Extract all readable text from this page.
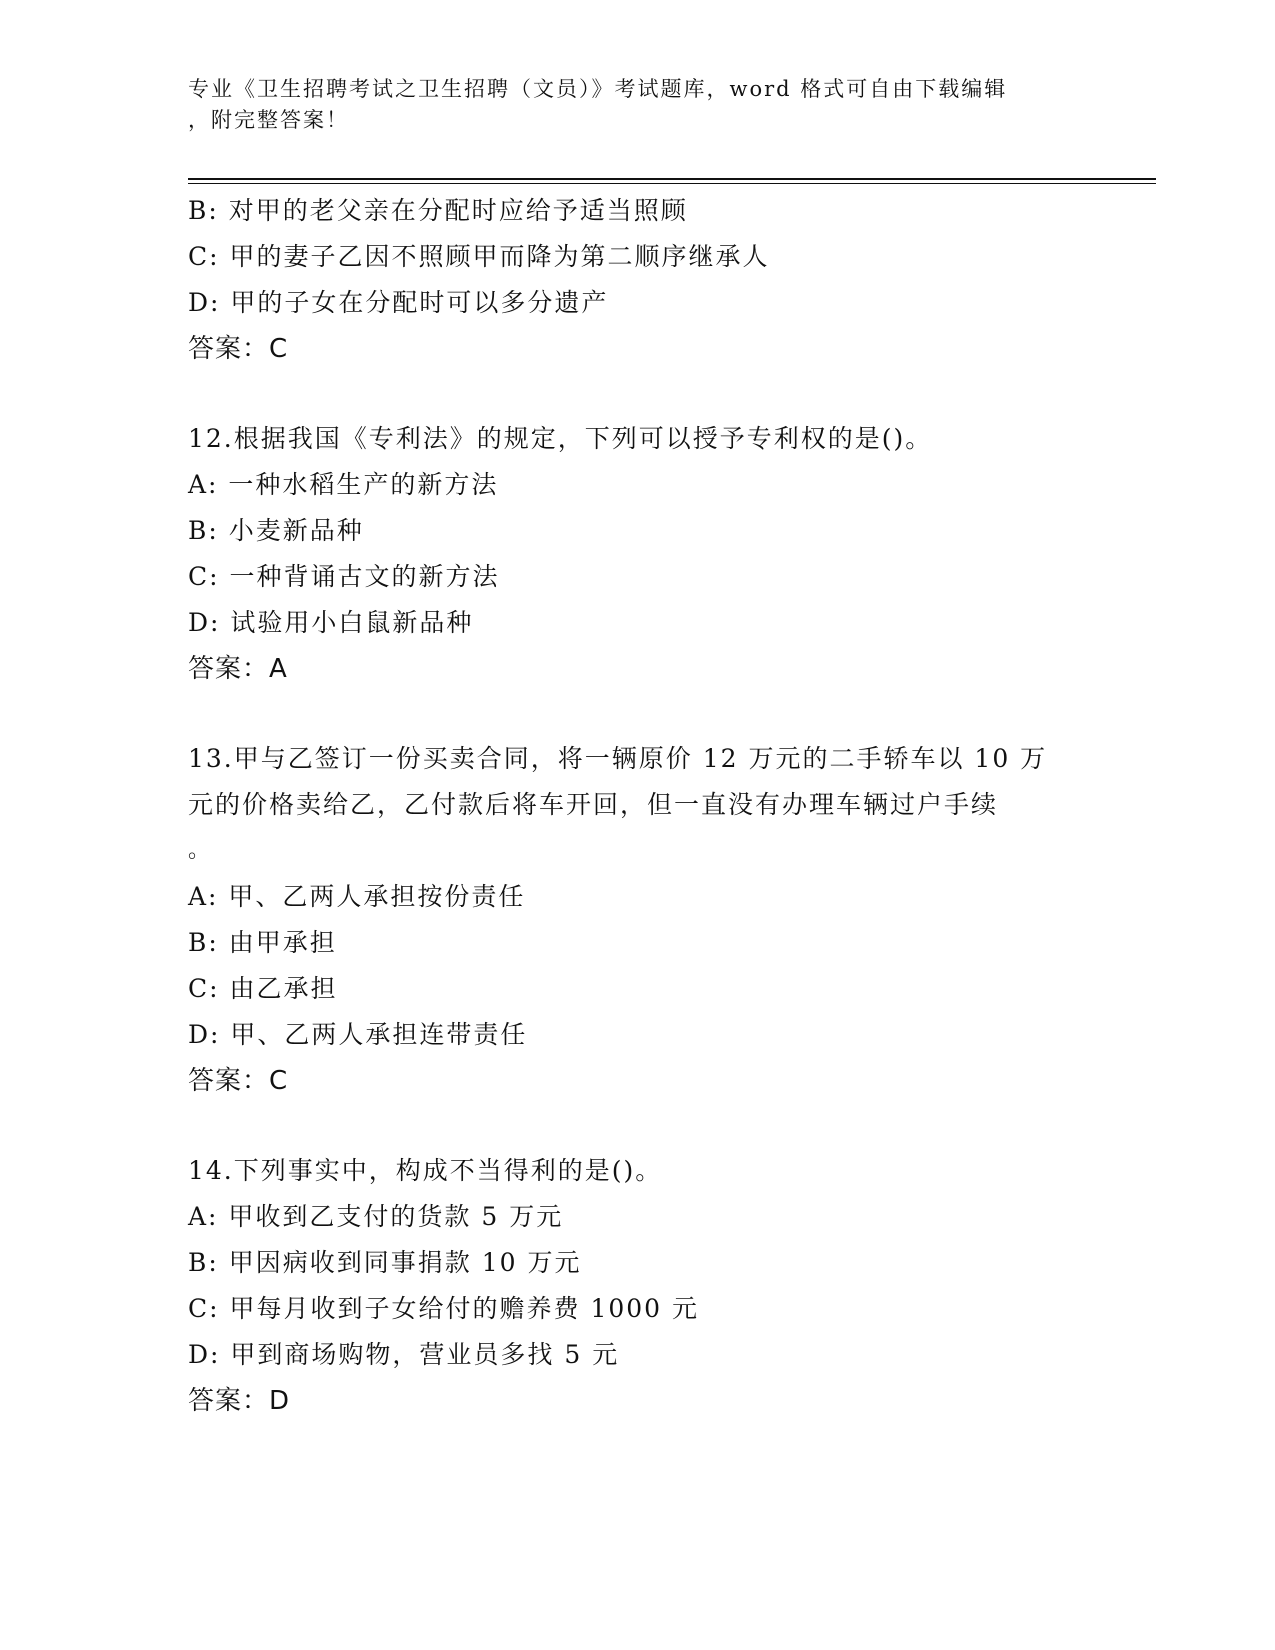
专业《卫生招聘考试之卫生招聘（文员）》考试题库，word 格式可自由下载编辑
，附完整答案！
B: 对甲的老父亲在分配时应给予适当照顾
C: 甲的妻子乙因不照顾甲而降为第二顺序继承人
D: 甲的子女在分配时可以多分遗产
答案：C
12.根据我国《专利法》的规定，下列可以授予专利权的是()。
A: 一种水稻生产的新方法
B: 小麦新品种
C: 一种背诵古文的新方法
D: 试验用小白鼠新品种
答案：A
13.甲与乙签订一份买卖合同，将一辆原价 12 万元的二手轿车以 10 万
元的价格卖给乙，乙付款后将车开回，但一直没有办理车辆过户手续
。
A: 甲、乙两人承担按份责任
B: 由甲承担
C: 由乙承担
D: 甲、乙两人承担连带责任
答案：C
14.下列事实中，构成不当得利的是()。
A: 甲收到乙支付的货款 5 万元
B: 甲因病收到同事捐款 10 万元
C: 甲每月收到子女给付的赡养费 1000 元
D: 甲到商场购物，营业员多找 5 元
答案：D
